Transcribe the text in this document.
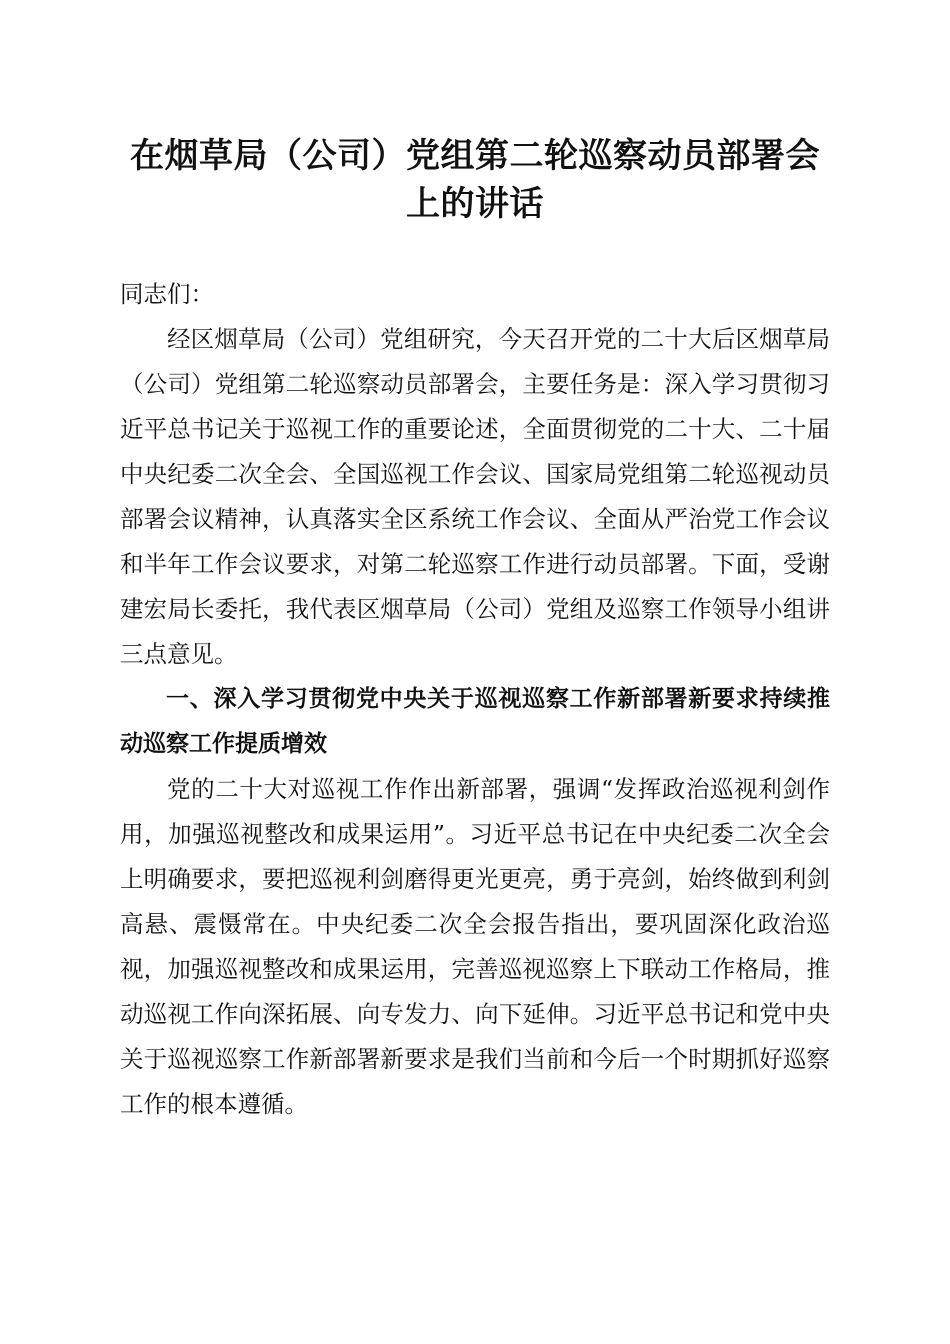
在烟草局（公司）党组第二轮巡察动员部署会上的讲话

同志们：

经区烟草局（公司）党组研究，今天召开党的二十大后区烟草局（公司）党组第二轮巡察动员部署会，主要任务是：深入学习贯彻习近平总书记关于巡视工作的重要论述，全面贯彻党的二十大、二十届中央纪委二次全会、全国巡视工作会议、国家局党组第二轮巡视动员部署会议精神，认真落实全区系统工作会议、全面从严治党工作会议和半年工作会议要求，对第二轮巡察工作进行动员部署。下面，受谢建宏局长委托，我代表区烟草局（公司）党组及巡察工作领导小组讲三点意见。

一、深入学习贯彻党中央关于巡视巡察工作新部署新要求持续推动巡察工作提质增效

党的二十大对巡视工作作出新部署，强调“发挥政治巡视利剑作用，加强巡视整改和成果运用”。习近平总书记在中央纪委二次全会上明确要求，要把巡视利剑磨得更光更亮，勇于亮剑，始终做到利剑高悬、震慑常在。中央纪委二次全会报告指出，要巩固深化政治巡视，加强巡视整改和成果运用，完善巡视巡察上下联动工作格局，推动巡视工作向深拓展、向专发力、向下延伸。习近平总书记和党中央关于巡视巡察工作新部署新要求是我们当前和今后一个时期抓好巡察工作的根本遵循。
